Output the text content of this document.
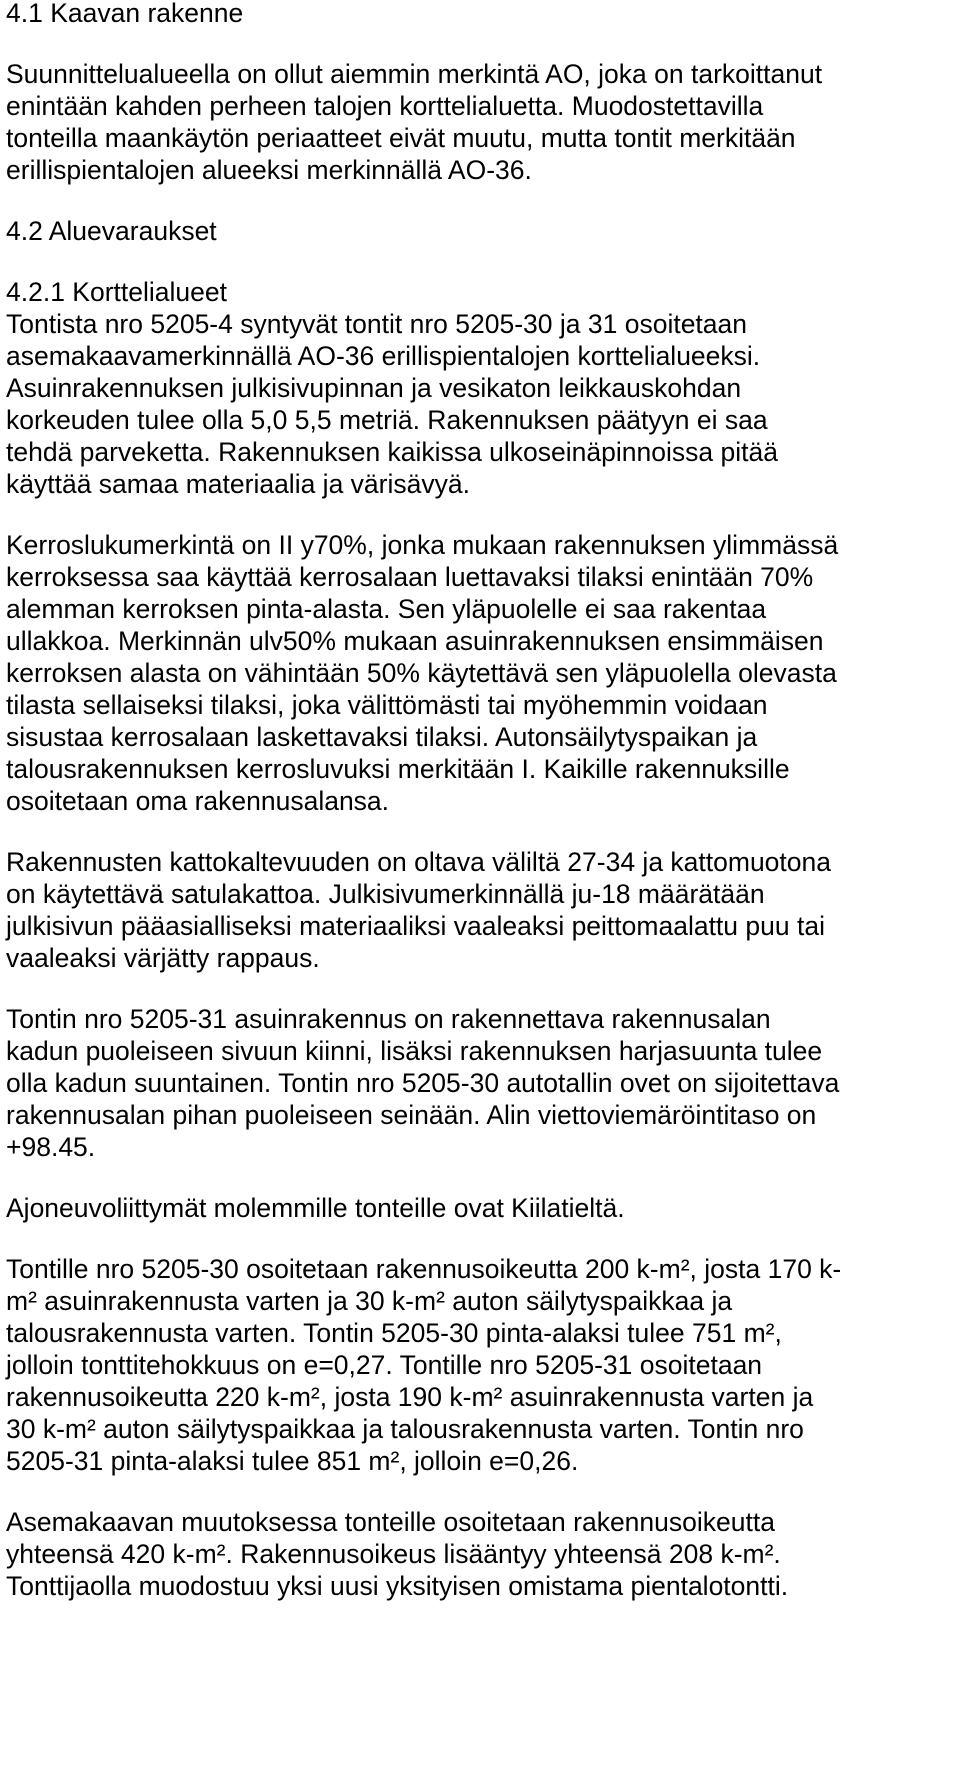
4.1 Kaavan rakenne
Suunnittelualueella on ollut aiemmin merkintä AO, joka on tarkoittanut
enintään kahden perheen talojen korttelialuetta. Muodostettavilla
tonteilla maankäytön periaatteet eivät muutu, mutta tontit merkitään
erillispientalojen alueeksi merkinnällä AO-36.
4.2 Aluevaraukset
4.2.1 Korttelialueet
Tontista nro 5205-4 syntyvät tontit nro 5205-30 ja 31 osoitetaan
asemakaavamerkinnällä AO-36 erillispientalojen korttelialueeksi.
Asuinrakennuksen julkisivupinnan ja vesikaton leikkauskohdan
korkeuden tulee olla 5,0 5,5 metriä. Rakennuksen päätyyn ei saa
tehdä parveketta. Rakennuksen kaikissa ulkoseinäpinnoissa pitää
käyttää samaa materiaalia ja värisävyä.
Kerroslukumerkintä on II y70%, jonka mukaan rakennuksen ylimmässä
kerroksessa saa käyttää kerrosalaan luettavaksi tilaksi enintään 70%
alemman kerroksen pinta-alasta. Sen yläpuolelle ei saa rakentaa
ullakkoa. Merkinnän ulv50% mukaan asuinrakennuksen ensimmäisen
kerroksen alasta on vähintään 50% käytettävä sen yläpuolella olevasta
tilasta sellaiseksi tilaksi, joka välittömästi tai myöhemmin voidaan
sisustaa kerrosalaan laskettavaksi tilaksi. Autonsäilytyspaikan ja
talousrakennuksen kerrosluvuksi merkitään I. Kaikille rakennuksille
osoitetaan oma rakennusalansa.
Rakennusten kattokaltevuuden on oltava väliltä 27-34 ja kattomuotona
on käytettävä satulakattoa. Julkisivumerkinnällä ju-18 määrätään
julkisivun pääasialliseksi materiaaliksi vaaleaksi peittomaalattu puu tai
vaaleaksi värjätty rappaus.
Tontin nro 5205-31 asuinrakennus on rakennettava rakennusalan
kadun puoleiseen sivuun kiinni, lisäksi rakennuksen harjasuunta tulee
olla kadun suuntainen. Tontin nro 5205-30 autotallin ovet on sijoitettava
rakennusalan pihan puoleiseen seinään. Alin viettoviemäröintitaso on
+98.45.
Ajoneuvoliittymät molemmille tonteille ovat Kiilatieltä.
Tontille nro 5205-30 osoitetaan rakennusoikeutta 200 k-m², josta 170 k-
m² asuinrakennusta varten ja 30 k-m² auton säilytyspaikkaa ja
talousrakennusta varten. Tontin 5205-30 pinta-alaksi tulee 751 m²,
jolloin tonttitehokkuus on e=0,27. Tontille nro 5205-31 osoitetaan
rakennusoikeutta 220 k-m², josta 190 k-m² asuinrakennusta varten ja
30 k-m² auton säilytyspaikkaa ja talousrakennusta varten. Tontin nro
5205-31 pinta-alaksi tulee 851 m², jolloin e=0,26.
Asemakaavan muutoksessa tonteille osoitetaan rakennusoikeutta
yhteensä 420 k-m². Rakennusoikeus lisääntyy yhteensä 208 k-m².
Tonttijaolla muodostuu yksi uusi yksityisen omistama pientalotontti.
